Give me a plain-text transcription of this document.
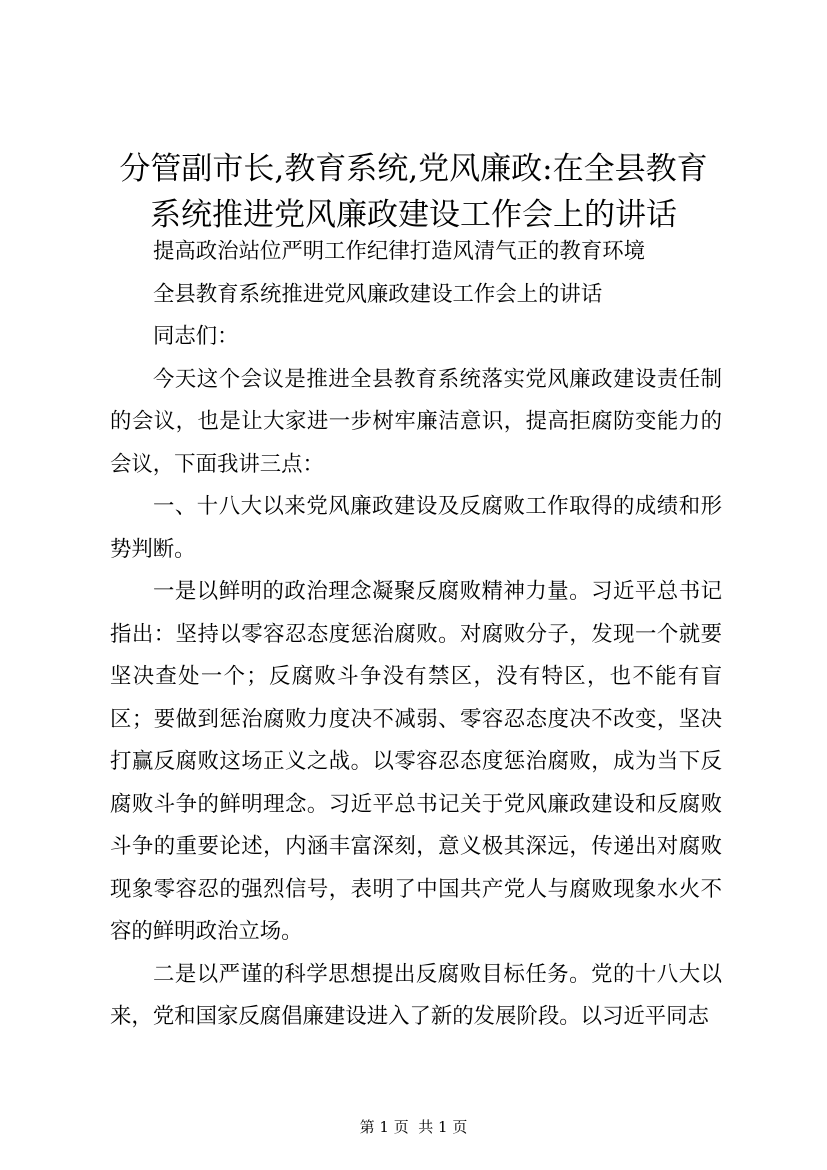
分管副市长,教育系统,党风廉政:在全县教育
系统推进党风廉政建设工作会上的讲话

提高政治站位严明工作纪律打造风清气正的教育环境

全县教育系统推进党风廉政建设工作会上的讲话

同志们：

今天这个会议是推进全县教育系统落实党风廉政建设责任制的会议，也是让大家进一步树牢廉洁意识，提高拒腐防变能力的会议，下面我讲三点：

一、十八大以来党风廉政建设及反腐败工作取得的成绩和形势判断。

一是以鲜明的政治理念凝聚反腐败精神力量。习近平总书记指出：坚持以零容忍态度惩治腐败。对腐败分子，发现一个就要坚决查处一个；反腐败斗争没有禁区，没有特区，也不能有盲区；要做到惩治腐败力度决不减弱、零容忍态度决不改变，坚决打赢反腐败这场正义之战。以零容忍态度惩治腐败，成为当下反腐败斗争的鲜明理念。习近平总书记关于党风廉政建设和反腐败斗争的重要论述，内涵丰富深刻，意义极其深远，传递出对腐败现象零容忍的强烈信号，表明了中国共产党人与腐败现象水火不容的鲜明政治立场。

二是以严谨的科学思想提出反腐败目标任务。党的十八大以来，党和国家反腐倡廉建设进入了新的发展阶段。以习近平同志

第 1 页  共 1 页
